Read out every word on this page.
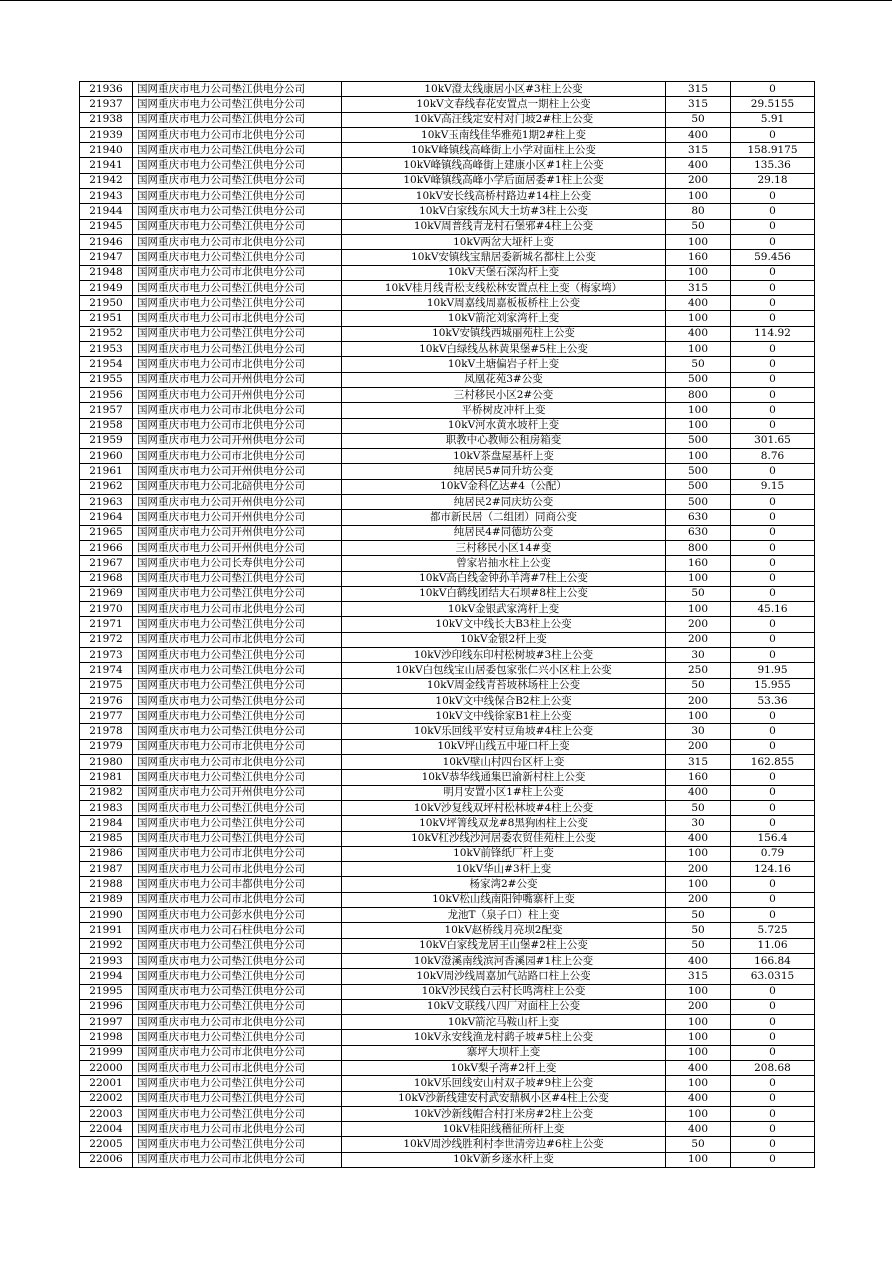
21936	国网重庆市电力公司垫江供电分公司	10kV澄太线康居小区#3柱上公变	315	0
21937	国网重庆市电力公司垫江供电分公司	10kV文春线春花安置点一期柱上公变	315	29.5155
21938	国网重庆市电力公司垫江供电分公司	10kV高汪线定安村对门坡2#柱上公变	50	5.91
21939	国网重庆市电力公司市北供电分公司	10kV玉南线佳华雅苑1期2#柱上变	400	0
21940	国网重庆市电力公司垫江供电分公司	10kV峰镇线高峰街上小学对面柱上公变	315	158.9175
21941	国网重庆市电力公司垫江供电分公司	10kV峰镇线高峰街上建康小区#1柱上公变	400	135.36
21942	国网重庆市电力公司垫江供电分公司	10kV峰镇线高峰小学后面居委#1柱上公变	200	29.18
21943	国网重庆市电力公司垫江供电分公司	10kV安长线高桥村路边#14柱上公变	100	0
21944	国网重庆市电力公司垫江供电分公司	10kV白家线东风大土坊#3柱上公变	80	0
21945	国网重庆市电力公司垫江供电分公司	10kV周普线青龙村石堡邪#4柱上公变	50	0
21946	国网重庆市电力公司市北供电分公司	10kV两岔大垭杆上变	100	0
21947	国网重庆市电力公司垫江供电分公司	10kV安镇线宝鼎居委新城名都柱上公变	160	59.456
21948	国网重庆市电力公司市北供电分公司	10kV天堡石深沟杆上变	100	0
21949	国网重庆市电力公司垫江供电分公司	10kV桂月线青松支线松林安置点柱上变（梅家塆）	315	0
21950	国网重庆市电力公司垫江供电分公司	10kV周嘉线周嘉板板桥柱上公变	400	0
21951	国网重庆市电力公司市北供电分公司	10kV箭沱刘家湾杆上变	100	0
21952	国网重庆市电力公司垫江供电分公司	10kV安镇线西城丽苑柱上公变	400	114.92
21953	国网重庆市电力公司垫江供电分公司	10kV白绿线丛林黄果堡#5柱上公变	100	0
21954	国网重庆市电力公司市北供电分公司	10kV土塘偏岩子杆上变	50	0
21955	国网重庆市电力公司开州供电分公司	凤凰花苑3#公变	500	0
21956	国网重庆市电力公司开州供电分公司	三村移民小区2#公变	800	0
21957	国网重庆市电力公司市北供电分公司	平桥树皮冲杆上变	100	0
21958	国网重庆市电力公司市北供电分公司	10kV河水黄水坡杆上变	100	0
21959	国网重庆市电力公司开州供电分公司	职教中心教师公租房箱变	500	301.65
21960	国网重庆市电力公司市北供电分公司	10kV茶盘屋基杆上变	100	8.76
21961	国网重庆市电力公司开州供电分公司	纯居民5#同升坊公变	500	0
21962	国网重庆市电力公司北碚供电分公司	10kV金科亿达#4（公配）	500	9.15
21963	国网重庆市电力公司开州供电分公司	纯居民2#同庆坊公变	500	0
21964	国网重庆市电力公司开州供电分公司	都市新民居（二组团）同商公变	630	0
21965	国网重庆市电力公司开州供电分公司	纯居民4#同德坊公变	630	0
21966	国网重庆市电力公司开州供电分公司	三村移民小区14#变	800	0
21967	国网重庆市电力公司长寿供电分公司	曾家岩抽水柱上公变	160	0
21968	国网重庆市电力公司垫江供电分公司	10kV高白线金钟孙羊湾#7柱上公变	100	0
21969	国网重庆市电力公司垫江供电分公司	10kV白鹤线团结大石坝#8柱上公变	50	0
21970	国网重庆市电力公司市北供电分公司	10kV金银武家湾杆上变	100	45.16
21971	国网重庆市电力公司垫江供电分公司	10kV文中线长大B3柱上公变	200	0
21972	国网重庆市电力公司市北供电分公司	10kV金银2杆上变	200	0
21973	国网重庆市电力公司垫江供电分公司	10kV沙印线东印村松树坡#3柱上公变	30	0
21974	国网重庆市电力公司垫江供电分公司	10kV白包线宝山居委包家张仁兴小区柱上公变	250	91.95
21975	国网重庆市电力公司垫江供电分公司	10kV周金线青苔坡林场柱上公变	50	15.955
21976	国网重庆市电力公司垫江供电分公司	10kV文中线保合B2柱上公变	200	53.36
21977	国网重庆市电力公司垫江供电分公司	10kV文中线徐家B1柱上公变	100	0
21978	国网重庆市电力公司垫江供电分公司	10kV乐回线平安村豆角坡#4柱上公变	30	0
21979	国网重庆市电力公司市北供电分公司	10kV坪山线五中垭口杆上变	200	0
21980	国网重庆市电力公司市北供电分公司	10kV壁山村四台区杆上变	315	162.855
21981	国网重庆市电力公司垫江供电分公司	10kV恭华线通集巴渝新村柱上公变	160	0
21982	国网重庆市电力公司开州供电分公司	明月安置小区1#柱上公变	400	0
21983	国网重庆市电力公司垫江供电分公司	10kV沙复线双坪村松林坡#4柱上公变	50	0
21984	国网重庆市电力公司垫江供电分公司	10kV坪箐线双龙#8黑狗凼柱上公变	30	0
21985	国网重庆市电力公司垫江供电分公司	10kV杠沙线沙河居委农贸佳苑柱上公变	400	156.4
21986	国网重庆市电力公司市北供电分公司	10kV前锋纸厂杆上变	100	0.79
21987	国网重庆市电力公司市北供电分公司	10kV华山#3杆上变	200	124.16
21988	国网重庆市电力公司丰都供电分公司	杨家湾2#公变	100	0
21989	国网重庆市电力公司市北供电分公司	10kV松山线南阳钟嘴寨杆上变	200	0
21990	国网重庆市电力公司彭水供电分公司	龙池T（泉子口）柱上变	50	0
21991	国网重庆市电力公司石柱供电分公司	10kV赵桥线月亮坝2配变	50	5.725
21992	国网重庆市电力公司垫江供电分公司	10kV白家线龙居王山堡#2柱上公变	50	11.06
21993	国网重庆市电力公司垫江供电分公司	10kV澄溪南线滨河香溪园#1柱上公变	400	166.84
21994	国网重庆市电力公司垫江供电分公司	10kV周沙线周嘉加气站路口柱上公变	315	63.0315
21995	国网重庆市电力公司垫江供电分公司	10kV沙民线白云村长鸣湾柱上公变	100	0
21996	国网重庆市电力公司垫江供电分公司	10kV文联线八四厂对面柱上公变	200	0
21997	国网重庆市电力公司市北供电分公司	10kV箭沱马鞍山杆上变	100	0
21998	国网重庆市电力公司垫江供电分公司	10kV永安线渔龙村鹞子坡#5柱上公变	100	0
21999	国网重庆市电力公司市北供电分公司	寨坪大坝杆上变	100	0
22000	国网重庆市电力公司市北供电分公司	10kV梨子湾#2杆上变	400	208.68
22001	国网重庆市电力公司垫江供电分公司	10kV乐回线安山村双子坡#9柱上公变	100	0
22002	国网重庆市电力公司垫江供电分公司	10kV沙新线建安村武安鼎枫小区#4柱上公变	400	0
22003	国网重庆市电力公司垫江供电分公司	10kV沙新线帽合村打米房#2柱上公变	100	0
22004	国网重庆市电力公司市北供电分公司	10kV桂阳线稽征所杆上变	400	0
22005	国网重庆市电力公司垫江供电分公司	10kV周沙线胜利村李世清旁边#6柱上公变	50	0
22006	国网重庆市电力公司市北供电分公司	10kV新乡逐水杆上变	100	0
